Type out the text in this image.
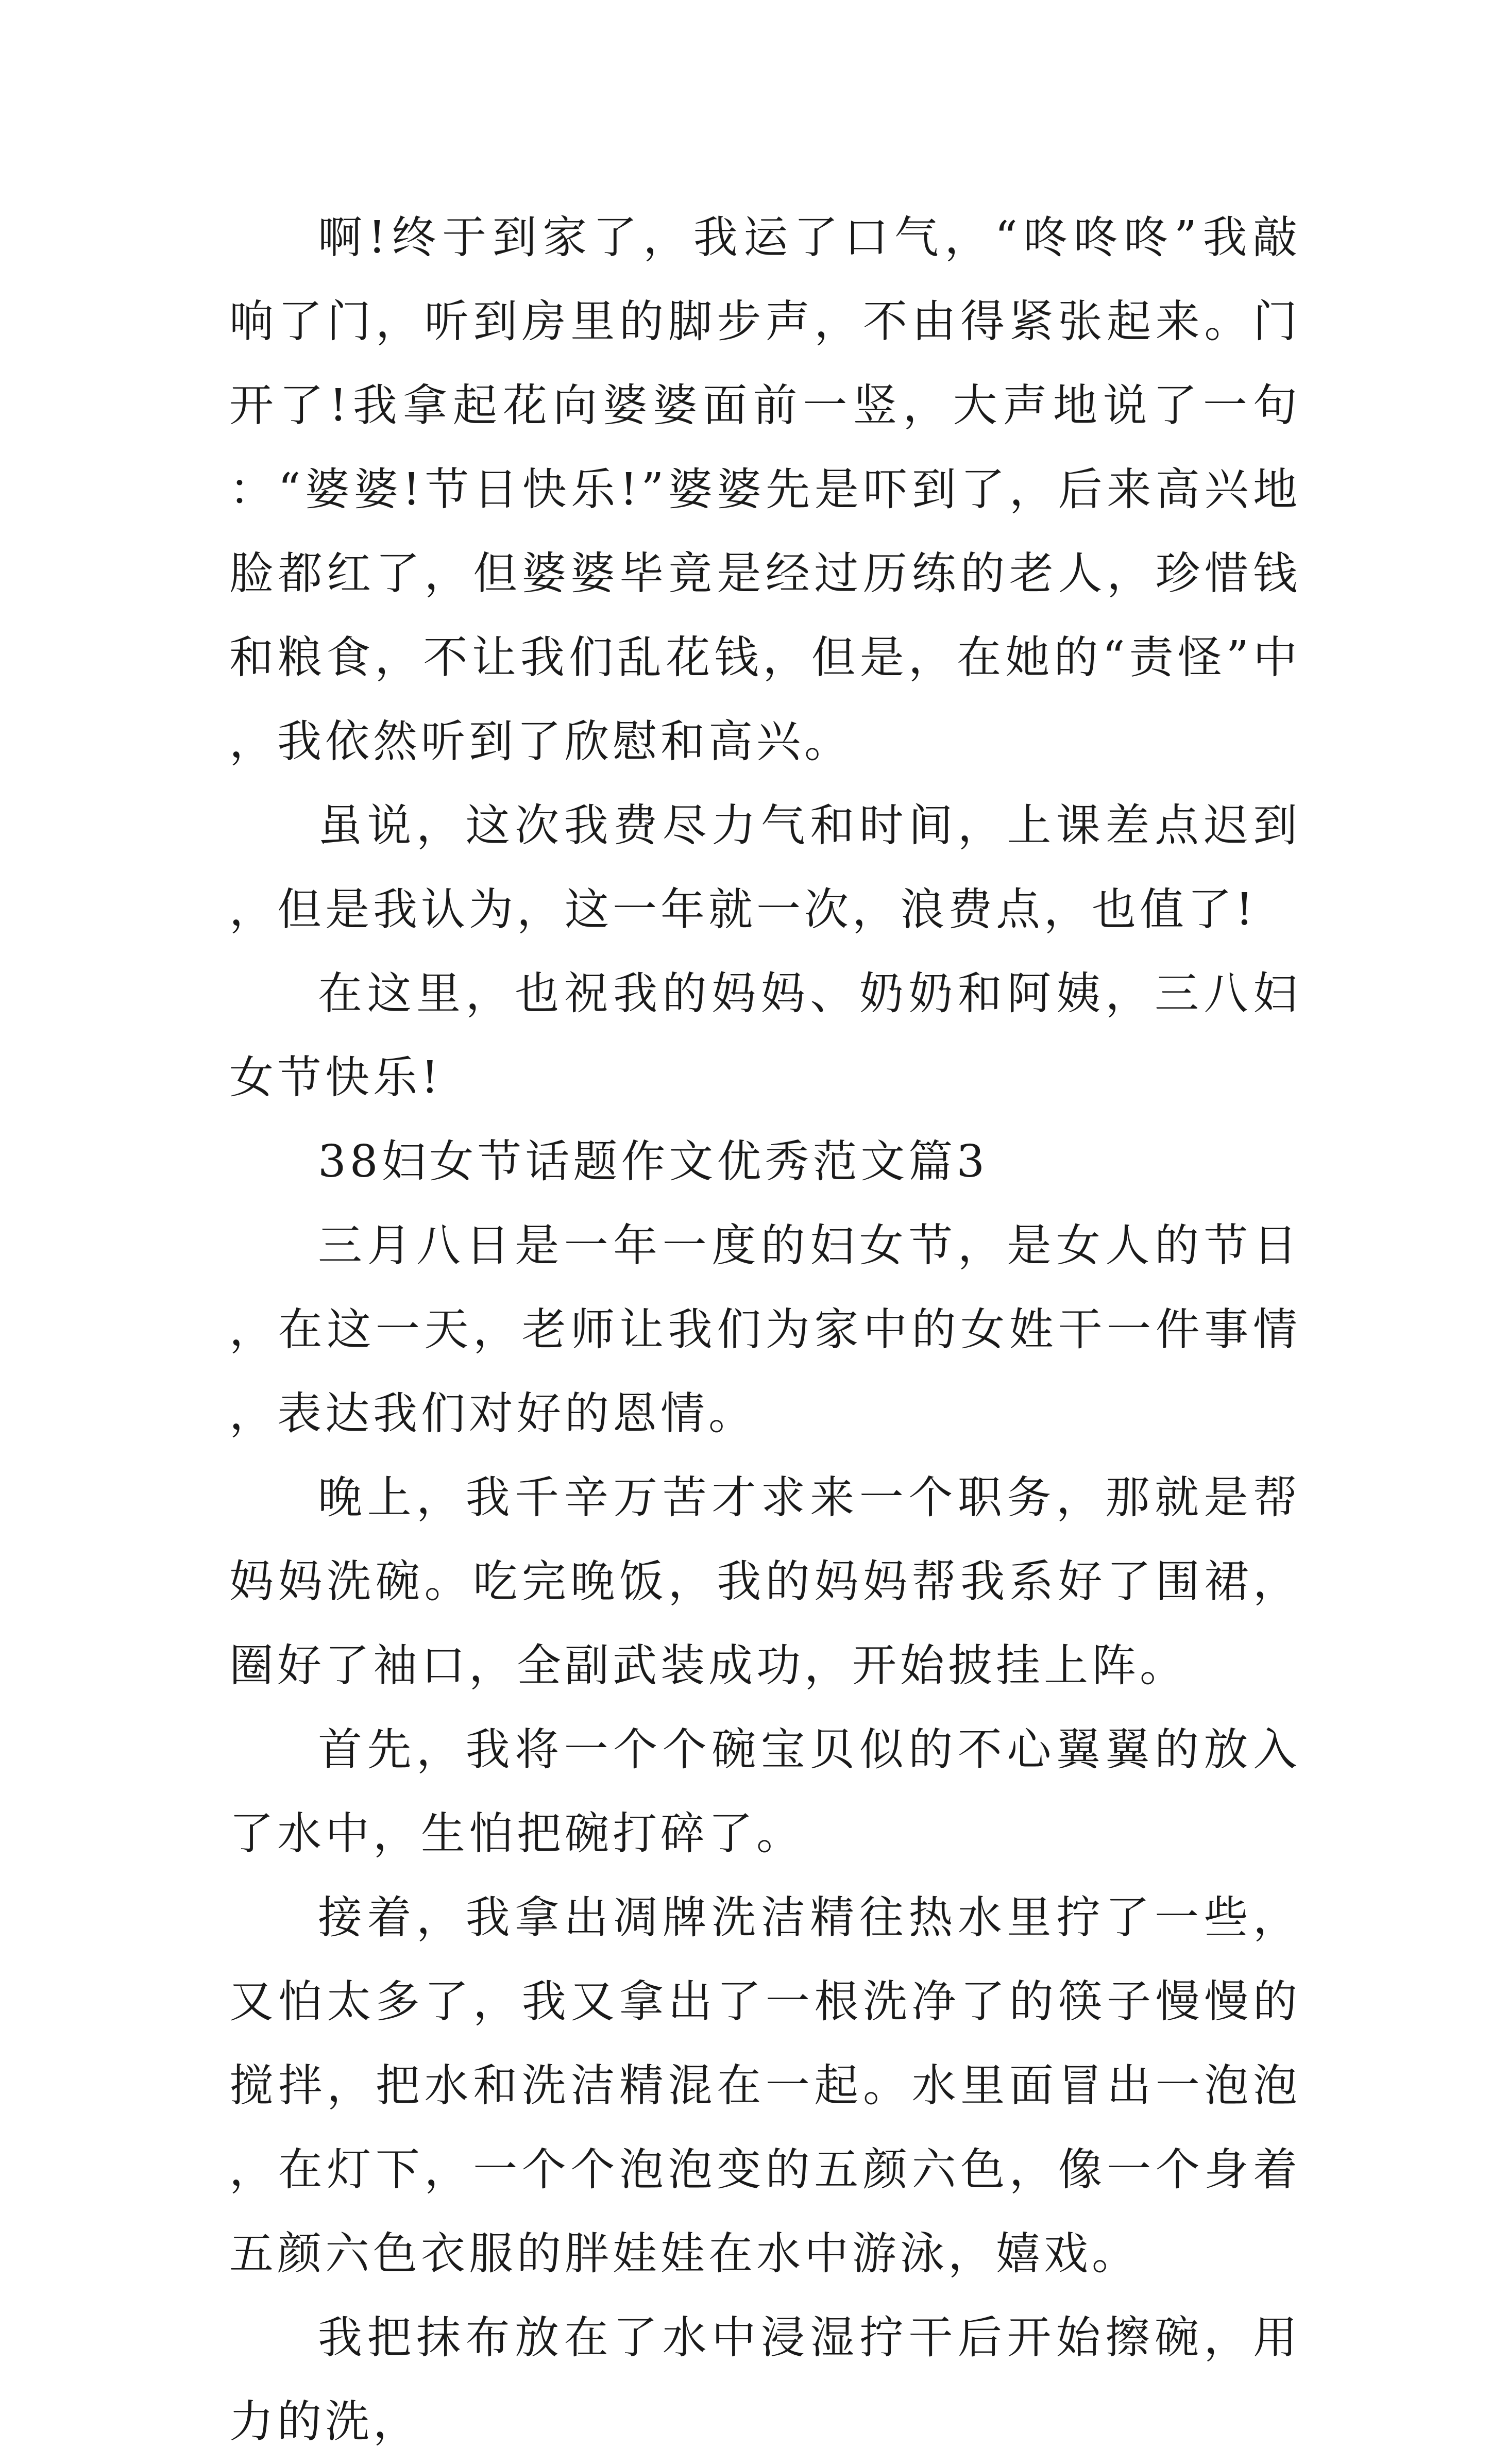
啊!终于到家了，我运了口气，“咚咚咚”我敲响了门，听到房里的脚步声，不由得紧张起来。门开了!我拿起花向婆婆面前一竖，大声地说了一句：“婆婆!节日快乐!”婆婆先是吓到了，后来高兴地脸都红了，但婆婆毕竟是经过历练的老人，珍惜钱和粮食，不让我们乱花钱，但是，在她的“责怪”中，我依然听到了欣慰和高兴。

虽说，这次我费尽力气和时间，上课差点迟到，但是我认为，这一年就一次，浪费点，也值了!

在这里，也祝我的妈妈、奶奶和阿姨，三八妇女节快乐!

38妇女节话题作文优秀范文篇3

三月八日是一年一度的妇女节，是女人的节日，在这一天，老师让我们为家中的女姓干一件事情，表达我们对好的恩情。

晚上，我千辛万苦才求来一个职务，那就是帮妈妈洗碗。吃完晚饭，我的妈妈帮我系好了围裙，圈好了袖口，全副武装成功，开始披挂上阵。

首先，我将一个个碗宝贝似的不心翼翼的放入了水中，生怕把碗打碎了。

接着，我拿出凋牌洗洁精往热水里拧了一些，又怕太多了，我又拿出了一根洗净了的筷子慢慢的搅拌，把水和洗洁精混在一起。水里面冒出一泡泡，在灯下，一个个泡泡变的五颜六色，像一个身着五颜六色衣服的胖娃娃在水中游泳，嬉戏。

我把抹布放在了水中浸湿拧干后开始擦碗，用力的洗，
